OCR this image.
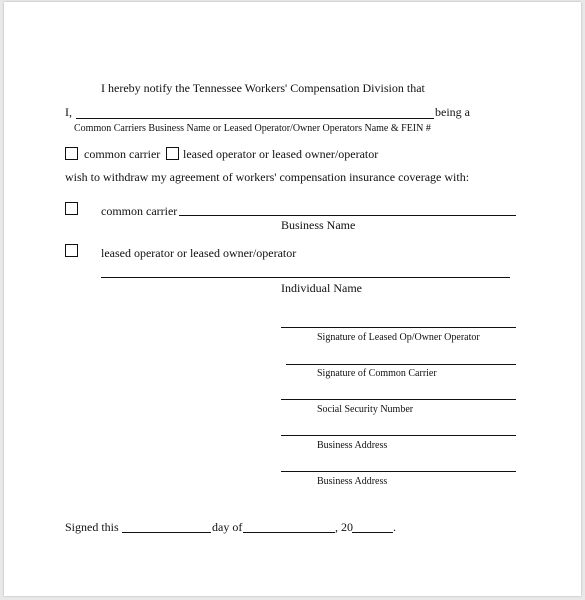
I hereby notify the Tennessee Workers' Compensation Division that
I,	being a
Common Carriers Business Name or Leased Operator/Owner Operators Name & FEIN #
common carrier leased operator or leased owner/operator
wish to withdraw my agreement of workers' compensation insurance coverage with:
common carrier
Business Name
leased operator or leased owner/operator
Individual Name
Signature of Leased Op/Owner Operator
Signature of Common Carrier
Social Security Number
Business Address
Business Address
Signed this	day of	, 20	.
